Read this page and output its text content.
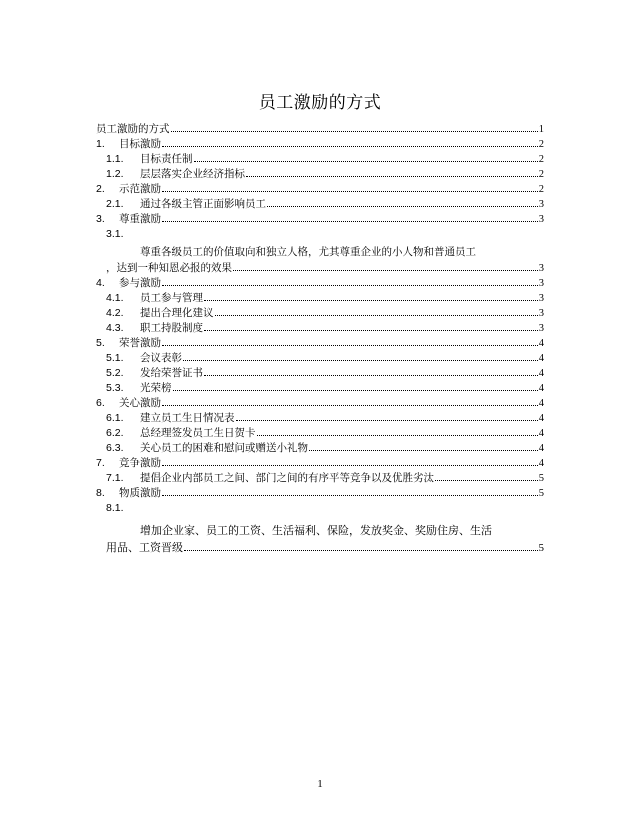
员工激励的方式
员工激励的方式	1
1.	目标激励	2
1.1.	目标责任制	2
1.2.	层层落实企业经济指标	2
2.	示范激励	2
2.1.	通过各级主管正面影响员工	3
3.	尊重激励	3
3.1.
尊重各级员工的价值取向和独立人格，尤其尊重企业的小人物和普通员工
，达到一种知恩必报的效果	3
4.	参与激励	3
4.1.	员工参与管理	3
4.2.	提出合理化建议	3
4.3.	职工持股制度	3
5.	荣誉激励	4
5.1.	会议表彰	4
5.2.	发给荣誉证书	4
5.3.	光荣榜	4
6.	关心激励	4
6.1.	建立员工生日情况表	4
6.2.	总经理签发员工生日贺卡	4
6.3.	关心员工的困难和慰问或赠送小礼物	4
7.	竞争激励	4
7.1.	提倡企业内部员工之间、部门之间的有序平等竞争以及优胜劣汰	5
8.	物质激励	5
8.1.
增加企业家、员工的工资、生活福利、保险，发放奖金、奖励住房、生活
用品、工资晋级	5
1
